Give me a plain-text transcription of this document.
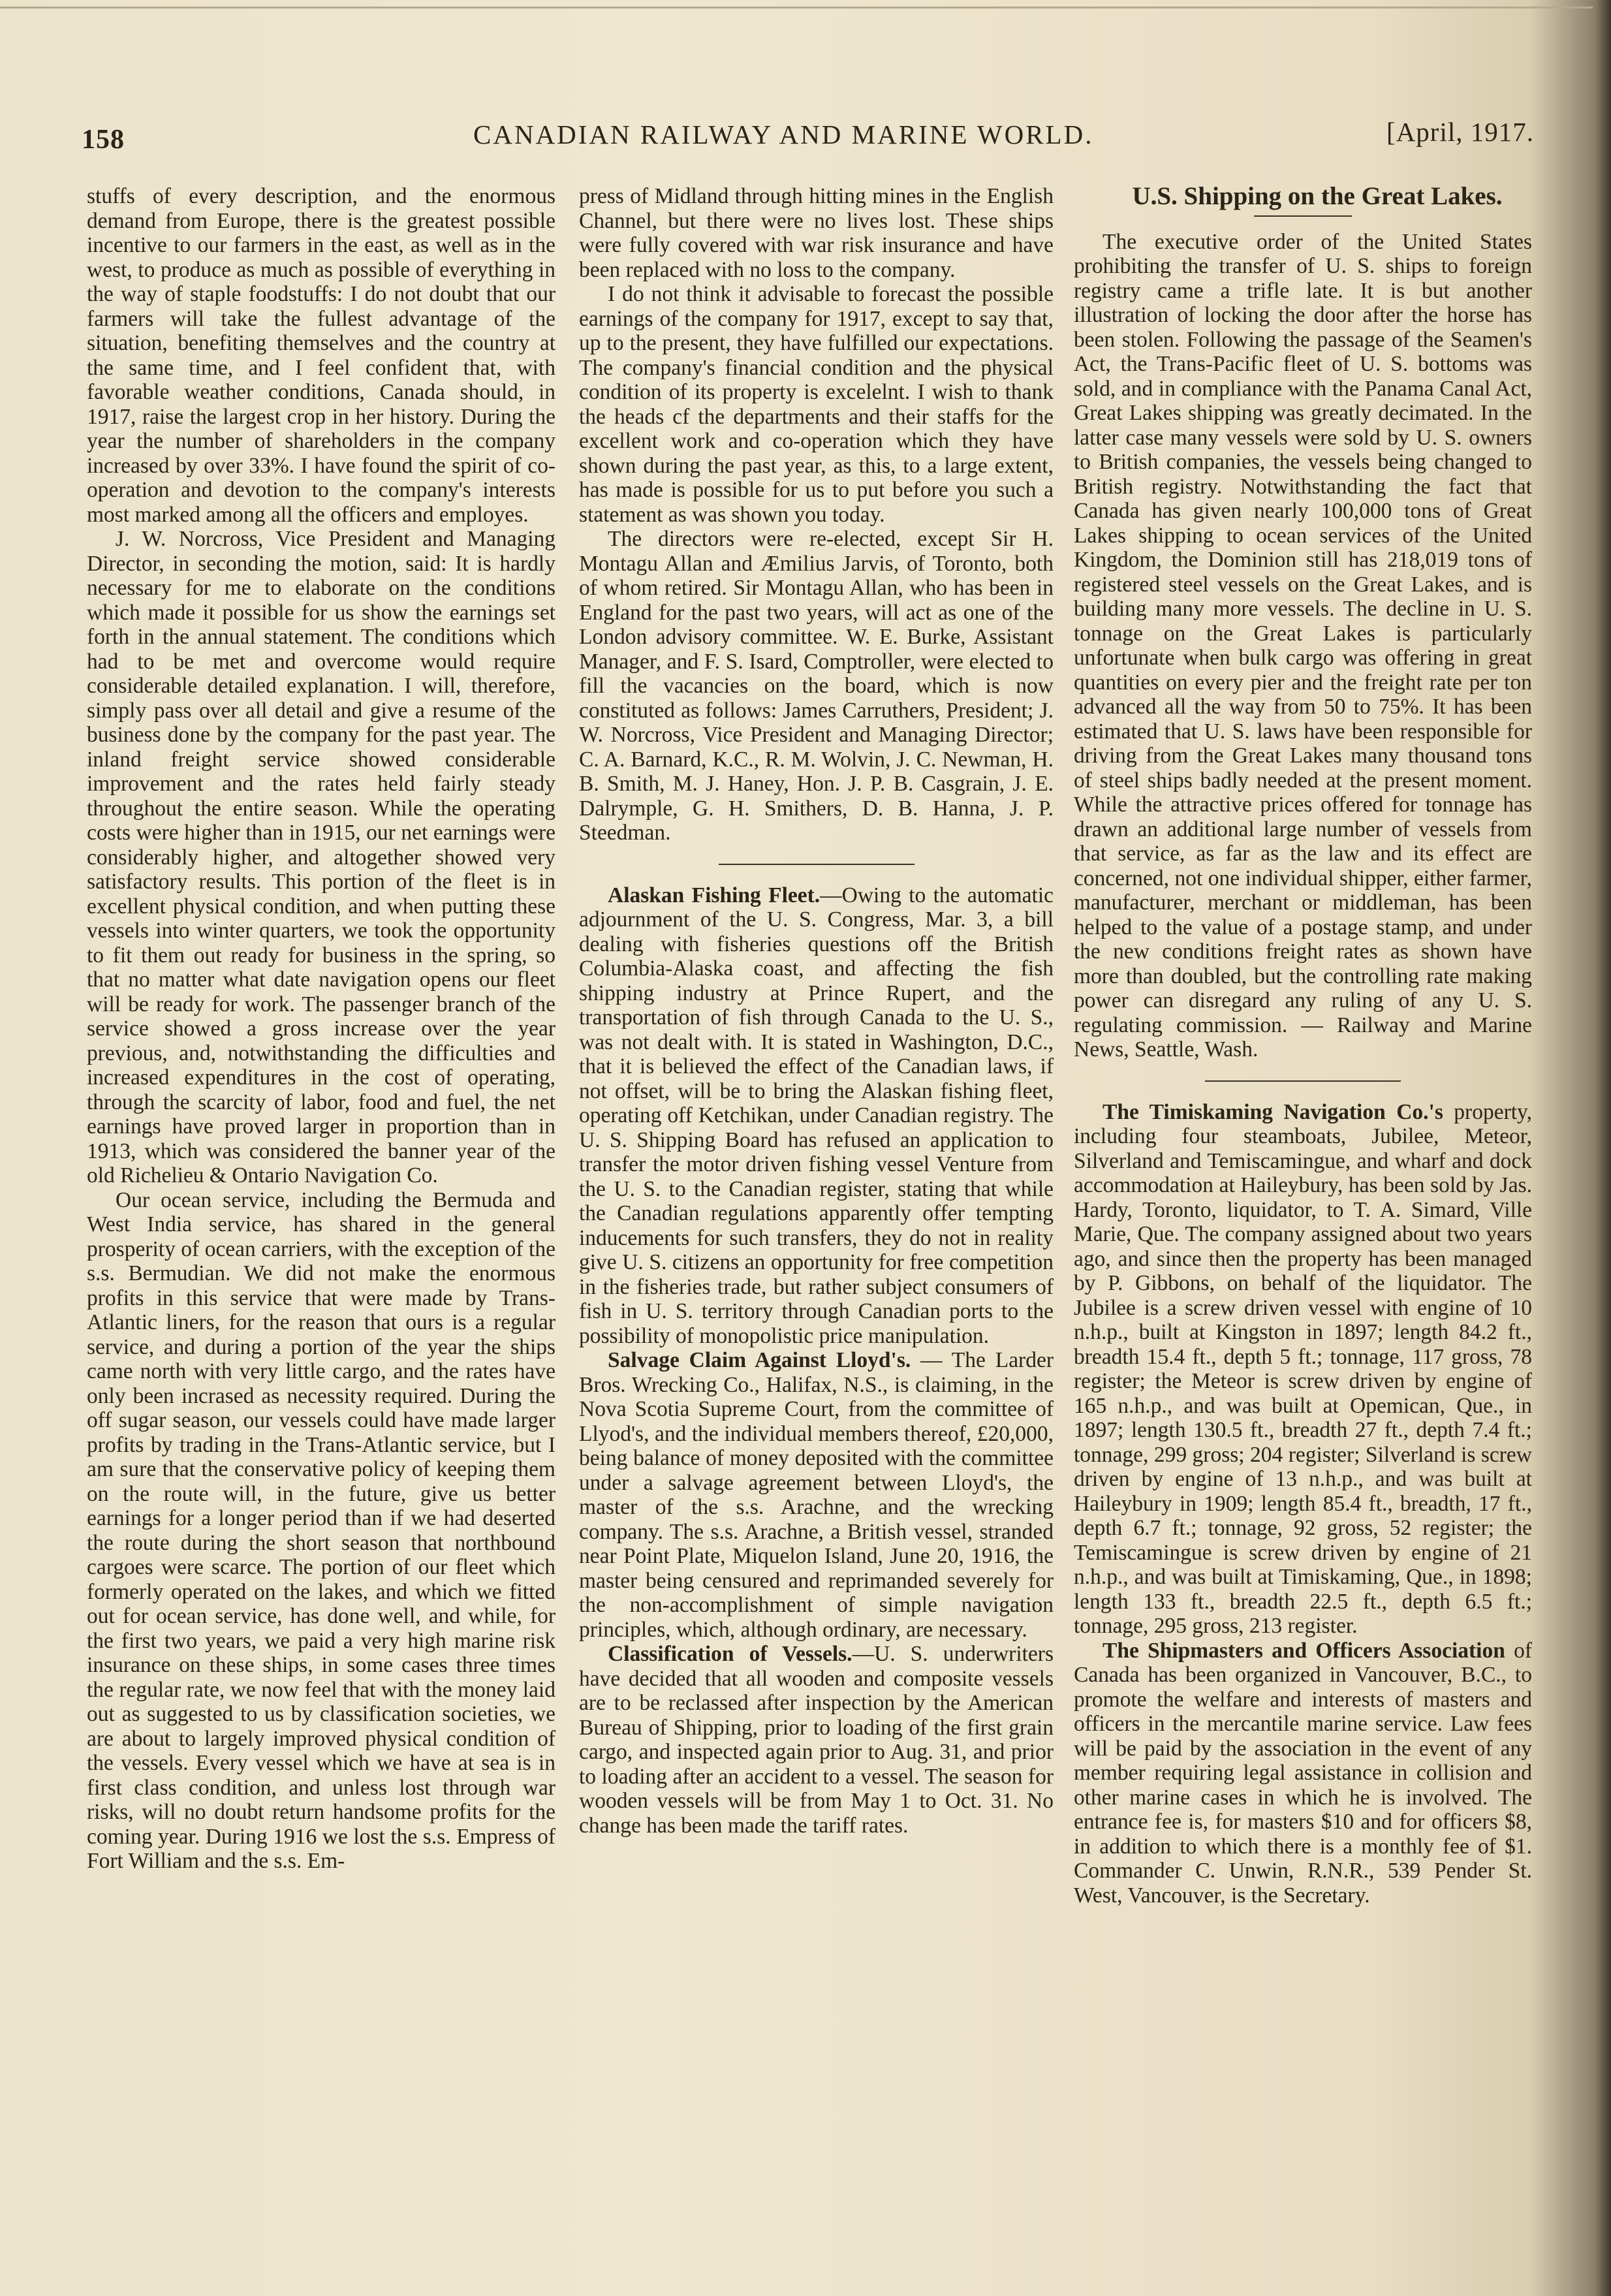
158	CANADIAN RAILWAY AND MARINE WORLD.	[April, 1917.

stuffs of every description, and the enormous demand from Europe, there is the greatest possible incentive to our farmers in the east, as well as in the west, to produce as much as possible of everything in the way of staple foodstuffs: I do not doubt that our farmers will take the fullest advantage of the situation, benefiting themselves and the country at the same time, and I feel confident that, with favorable weather conditions, Canada should, in 1917, raise the largest crop in her history. During the year the number of shareholders in the company increased by over 33%. I have found the spirit of co-operation and devotion to the company's interests most marked among all the officers and employes.

J. W. Norcross, Vice President and Managing Director, in seconding the motion, said: It is hardly necessary for me to elaborate on the conditions which made it possible for us show the earnings set forth in the annual statement. The conditions which had to be met and overcome would require considerable detailed explanation. I will, therefore, simply pass over all detail and give a resume of the business done by the company for the past year. The inland freight service showed considerable improvement and the rates held fairly steady throughout the entire season. While the operating costs were higher than in 1915, our net earnings were considerably higher, and altogether showed very satisfactory results. This portion of the fleet is in excellent physical condition, and when putting these vessels into winter quarters, we took the opportunity to fit them out ready for business in the spring, so that no matter what date navigation opens our fleet will be ready for work. The passenger branch of the service showed a gross increase over the year previous, and, notwithstanding the difficulties and increased expenditures in the cost of operating, through the scarcity of labor, food and fuel, the net earnings have proved larger in proportion than in 1913, which was considered the banner year of the old Richelieu & Ontario Navigation Co.

Our ocean service, including the Bermuda and West India service, has shared in the general prosperity of ocean carriers, with the exception of the s.s. Bermudian. We did not make the enormous profits in this service that were made by Trans-Atlantic liners, for the reason that ours is a regular service, and during a portion of the year the ships came north with very little cargo, and the rates have only been incrased as necessity required. During the off sugar season, our vessels could have made larger profits by trading in the Trans-Atlantic service, but I am sure that the conservative policy of keeping them on the route will, in the future, give us better earnings for a longer period than if we had deserted the route during the short season that northbound cargoes were scarce. The portion of our fleet which formerly operated on the lakes, and which we fitted out for ocean service, has done well, and while, for the first two years, we paid a very high marine risk insurance on these ships, in some cases three times the regular rate, we now feel that with the money laid out as suggested to us by classification societies, we are about to largely improved physical condition of the vessels. Every vessel which we have at sea is in first class condition, and unless lost through war risks, will no doubt return handsome profits for the coming year. During 1916 we lost the s.s. Empress of Fort William and the s.s. Em-

press of Midland through hitting mines in the English Channel, but there were no lives lost. These ships were fully covered with war risk insurance and have been replaced with no loss to the company.

I do not think it advisable to forecast the possible earnings of the company for 1917, except to say that, up to the present, they have fulfilled our expectations. The company's financial condition and the physical condition of its property is excelelnt. I wish to thank the heads cf the departments and their staffs for the excellent work and co-operation which they have shown during the past year, as this, to a large extent, has made is possible for us to put before you such a statement as was shown you today.

The directors were re-elected, except Sir H. Montagu Allan and Æmilius Jarvis, of Toronto, both of whom retired. Sir Montagu Allan, who has been in England for the past two years, will act as one of the London advisory committee. W. E. Burke, Assistant Manager, and F. S. Isard, Comptroller, were elected to fill the vacancies on the board, which is now constituted as follows: James Carruthers, President; J. W. Norcross, Vice President and Managing Director; C. A. Barnard, K.C., R. M. Wolvin, J. C. Newman, H. B. Smith, M. J. Haney, Hon. J. P. B. Casgrain, J. E. Dalrymple, G. H. Smithers, D. B. Hanna, J. P. Steedman.

Alaskan Fishing Fleet.—Owing to the automatic adjournment of the U. S. Congress, Mar. 3, a bill dealing with fisheries questions off the British Columbia-Alaska coast, and affecting the fish shipping industry at Prince Rupert, and the transportation of fish through Canada to the U. S., was not dealt with. It is stated in Washington, D.C., that it is believed the effect of the Canadian laws, if not offset, will be to bring the Alaskan fishing fleet, operating off Ketchikan, under Canadian registry. The U. S. Shipping Board has refused an application to transfer the motor driven fishing vessel Venture from the U. S. to the Canadian register, stating that while the Canadian regulations apparently offer tempting inducements for such transfers, they do not in reality give U. S. citizens an opportunity for free competition in the fisheries trade, but rather subject consumers of fish in U. S. territory through Canadian ports to the possibility of monopolistic price manipulation.

Salvage Claim Against Lloyd's. — The Larder Bros. Wrecking Co., Halifax, N.S., is claiming, in the Nova Scotia Supreme Court, from the committee of Llyod's, and the individual members thereof, £20,000, being balance of money deposited with the committee under a salvage agreement between Lloyd's, the master of the s.s. Arachne, and the wrecking company. The s.s. Arachne, a British vessel, stranded near Point Plate, Miquelon Island, June 20, 1916, the master being censured and reprimanded severely for the non-accomplishment of simple navigation principles, which, although ordinary, are necessary.

Classification of Vessels.—U. S. underwriters have decided that all wooden and composite vessels are to be reclassed after inspection by the American Bureau of Shipping, prior to loading of the first grain cargo, and inspected again prior to Aug. 31, and prior to loading after an accident to a vessel. The season for wooden vessels will be from May 1 to Oct. 31. No change has been made the tariff rates.

U.S. Shipping on the Great Lakes.

The executive order of the United States prohibiting the transfer of U. S. ships to foreign registry came a trifle late. It is but another illustration of locking the door after the horse has been stolen. Following the passage of the Seamen's Act, the Trans-Pacific fleet of U. S. bottoms was sold, and in compliance with the Panama Canal Act, Great Lakes shipping was greatly decimated. In the latter case many vessels were sold by U. S. owners to British companies, the vessels being changed to British registry. Notwithstanding the fact that Canada has given nearly 100,000 tons of Great Lakes shipping to ocean services of the United Kingdom, the Dominion still has 218,019 tons of registered steel vessels on the Great Lakes, and is building many more vessels. The decline in U. S. tonnage on the Great Lakes is particularly unfortunate when bulk cargo was offering in great quantities on every pier and the freight rate per ton advanced all the way from 50 to 75%. It has been estimated that U. S. laws have been responsible for driving from the Great Lakes many thousand tons of steel ships badly needed at the present moment. While the attractive prices offered for tonnage has drawn an additional large number of vessels from that service, as far as the law and its effect are concerned, not one individual shipper, either farmer, manufacturer, merchant or middleman, has been helped to the value of a postage stamp, and under the new conditions freight rates as shown have more than doubled, but the controlling rate making power can disregard any ruling of any U. S. regulating commission. — Railway and Marine News, Seattle, Wash.

The Timiskaming Navigation Co.'s property, including four steamboats, Jubilee, Meteor, Silverland and Temiscamingue, and wharf and dock accommodation at Haileybury, has been sold by Jas. Hardy, Toronto, liquidator, to T. A. Simard, Ville Marie, Que. The company assigned about two years ago, and since then the property has been managed by P. Gibbons, on behalf of the liquidator. The Jubilee is a screw driven vessel with engine of 10 n.h.p., built at Kingston in 1897; length 84.2 ft., breadth 15.4 ft., depth 5 ft.; tonnage, 117 gross, 78 register; the Meteor is screw driven by engine of 165 n.h.p., and was built at Opemican, Que., in 1897; length 130.5 ft., breadth 27 ft., depth 7.4 ft.; tonnage, 299 gross; 204 register; Silverland is screw driven by engine of 13 n.h.p., and was built at Haileybury in 1909; length 85.4 ft., breadth, 17 ft., depth 6.7 ft.; tonnage, 92 gross, 52 register; the Temiscamingue is screw driven by engine of 21 n.h.p., and was built at Timiskaming, Que., in 1898; length 133 ft., breadth 22.5 ft., depth 6.5 ft.; tonnage, 295 gross, 213 register.

The Shipmasters and Officers Association of Canada has been organized in Vancouver, B.C., to promote the welfare and interests of masters and officers in the mercantile marine service. Law fees will be paid by the association in the event of any member requiring legal assistance in collision and other marine cases in which he is involved. The entrance fee is, for masters $10 and for officers $8, in addition to which there is a monthly fee of $1. Commander C. Unwin, R.N.R., 539 Pender St. West, Vancouver, is the Secretary.
